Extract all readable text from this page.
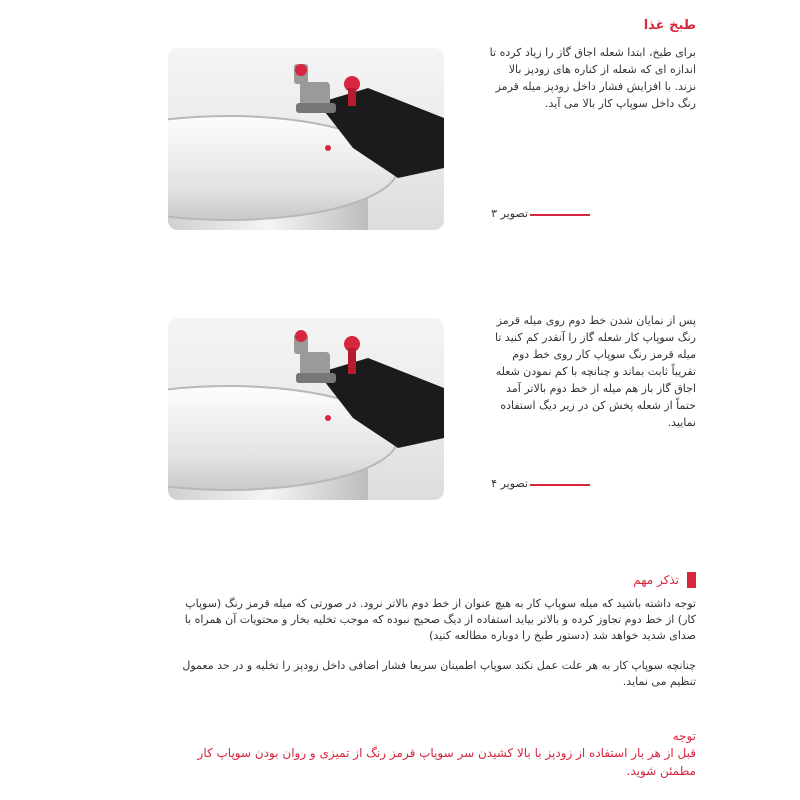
طبخ غذا
برای طبخ، ابتدا شعله اجاق گاز را زیاد کرده تا اندازه ای که شعله از کناره های زودپز بالا نزند. با افزایش فشار داخل زودپز میله قرمز رنگ داخل سوپاپ کار بالا می آید.
تصویر ۳
پس از نمایان شدن خط دوم روی میله قرمز رنگ سوپاپ کار شعله گاز را آنقدر کم کنید تا میله قرمز رنگ سوپاپ کار روی خط دوم تقریباً ثابت بماند و چنانچه با کم نمودن شعله اجاق گاز باز هم میله از خط دوم بالاتر آمد حتماً از شعله پخش کن در زیر دیگ استفاده نمایید.
تصویر ۴
تذکر مهم

توجه داشته باشید که میله سوپاپ کار به هیچ عنوان از خط دوم بالاتر نرود. در صورتی که میله قرمز رنگ (سوپاپ کار) از خط دوم تجاوز کرده و بالاتر بیاید استفاده از دیگ صحیح نبوده که موجب تخلیه بخار و محتویات آن همراه با صدای شدید خواهد شد (دستور طبخ را دوباره مطالعه کنید)

چنانچه سوپاپ کار به هر علت عمل نکند سوپاپ اطمینان سریعا فشار اضافی داخل زودپز را تخلیه و در حد معمول تنظیم می نماید.

توجه
قبل از هر بار استفاده از زودپز با بالا کشیدن سر سوپاپ قرمز رنگ از تمیزی و روان بودن سوپاپ کار مطمئن شوید.
